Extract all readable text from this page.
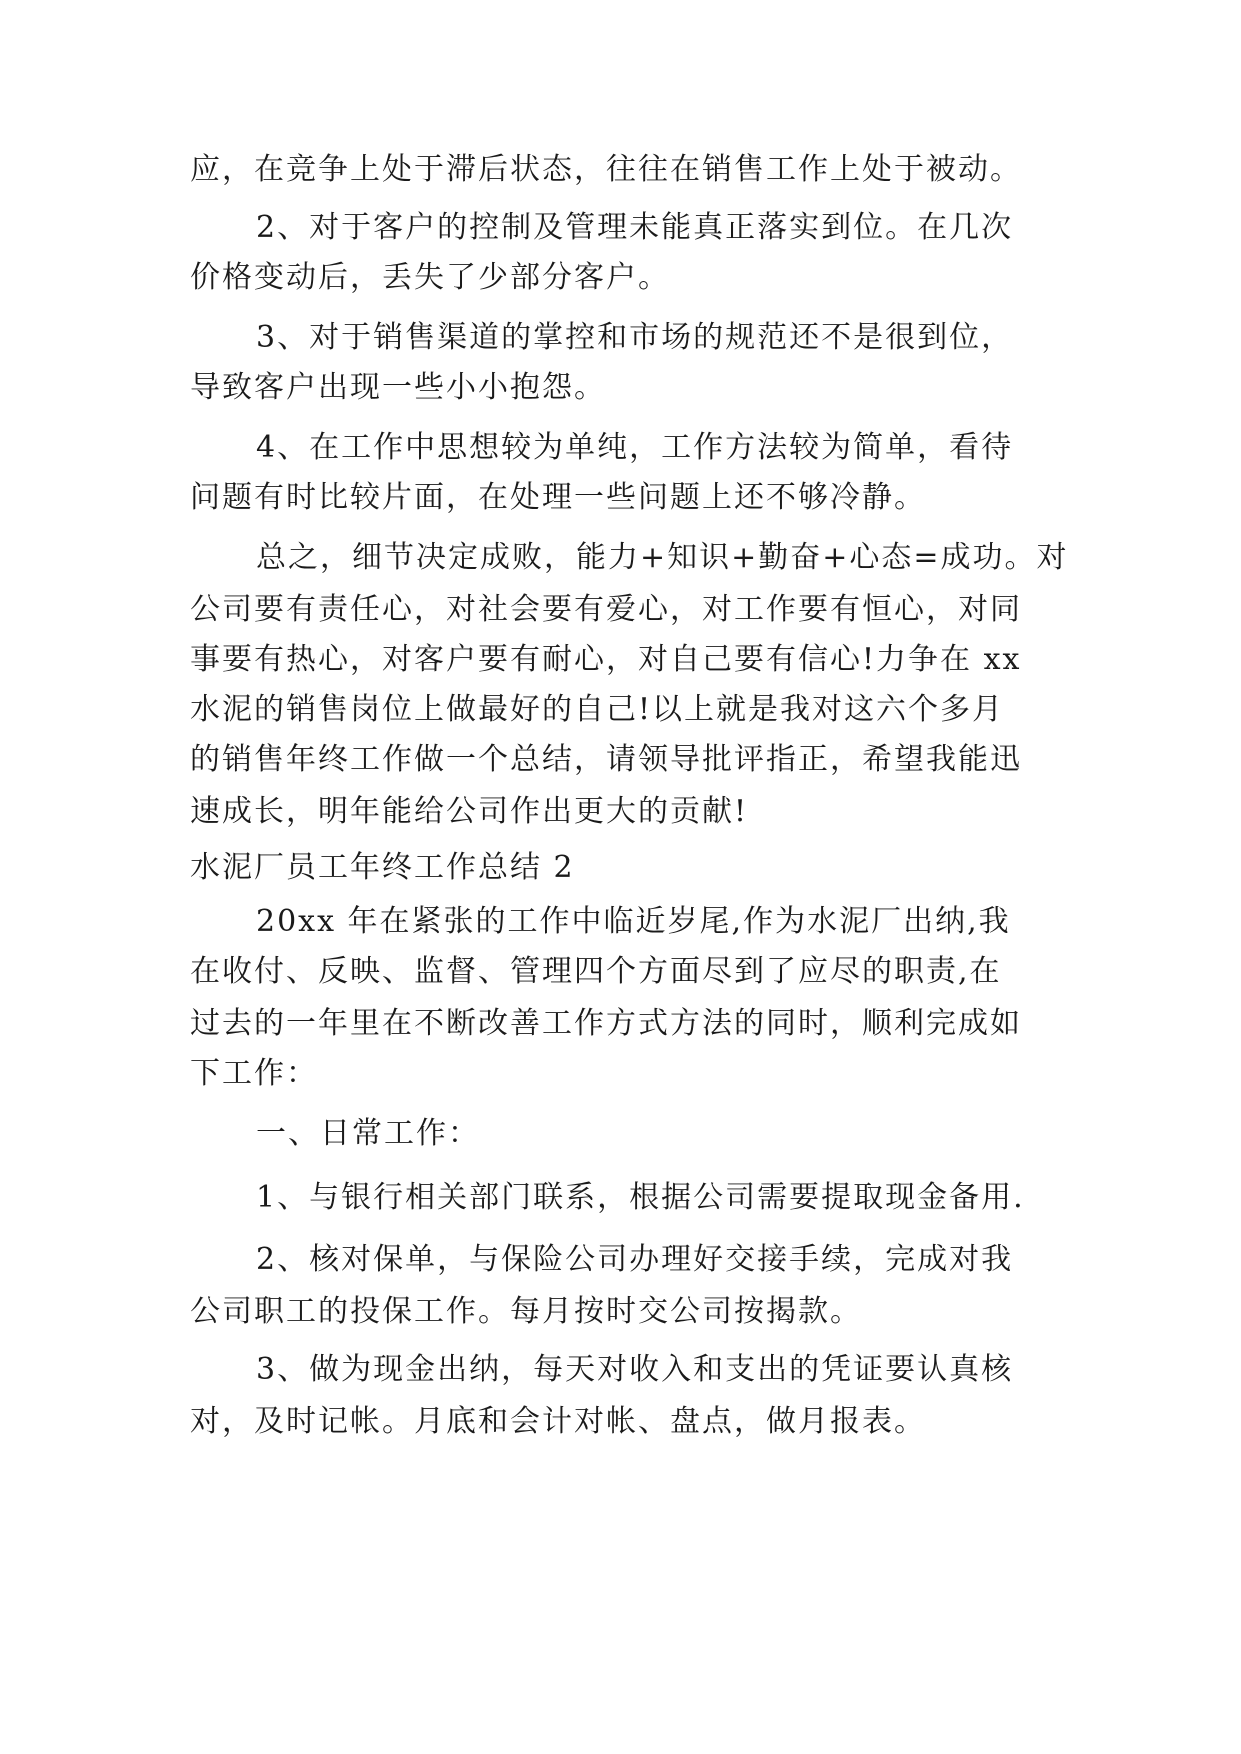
应，在竞争上处于滞后状态，往往在销售工作上处于被动。
2、对于客户的控制及管理未能真正落实到位。在几次
价格变动后，丢失了少部分客户。
3、对于销售渠道的掌控和市场的规范还不是很到位，
导致客户出现一些小小抱怨。
4、在工作中思想较为单纯，工作方法较为简单，看待
问题有时比较片面，在处理一些问题上还不够冷静。
总之，细节决定成败，能力+知识+勤奋+心态=成功。对
公司要有责任心，对社会要有爱心，对工作要有恒心，对同
事要有热心，对客户要有耐心，对自己要有信心!力争在 xx
水泥的销售岗位上做最好的自己!以上就是我对这六个多月
的销售年终工作做一个总结，请领导批评指正，希望我能迅
速成长，明年能给公司作出更大的贡献!
水泥厂员工年终工作总结 2
20xx 年在紧张的工作中临近岁尾,作为水泥厂出纳,我
在收付、反映、监督、管理四个方面尽到了应尽的职责,在
过去的一年里在不断改善工作方式方法的同时，顺利完成如
下工作：
一、日常工作：
1、与银行相关部门联系，根据公司需要提取现金备用.
2、核对保单，与保险公司办理好交接手续，完成对我
公司职工的投保工作。每月按时交公司按揭款。
3、做为现金出纳，每天对收入和支出的凭证要认真核
对，及时记帐。月底和会计对帐、盘点，做月报表。
